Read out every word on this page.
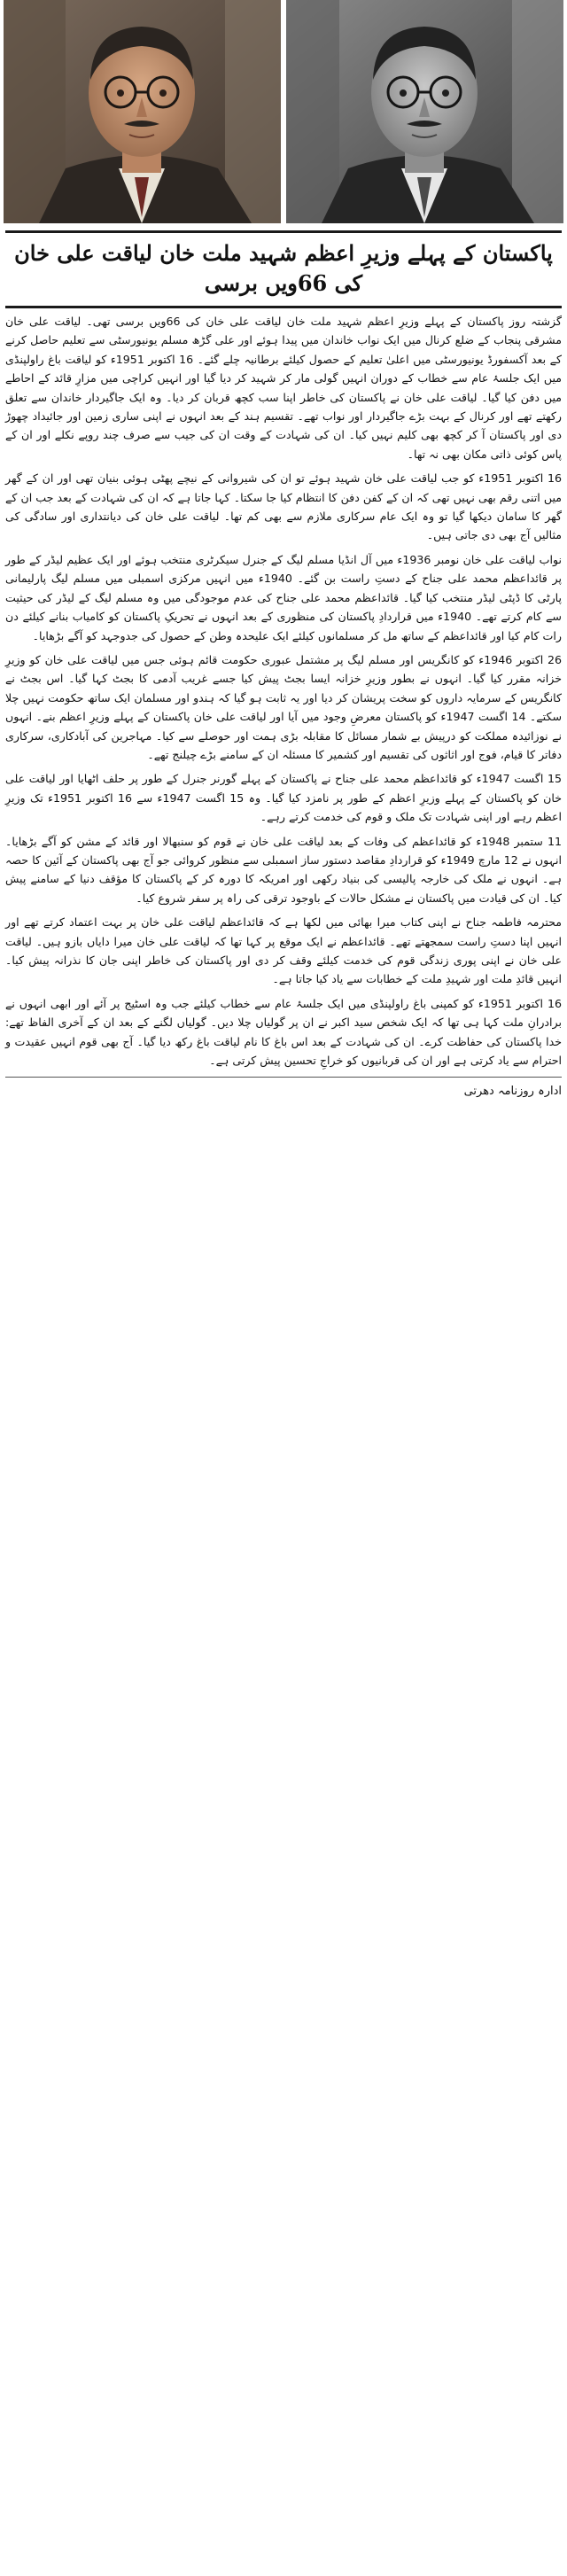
پاکستان کے پہلے وزیرِ اعظم شہید ملت خان لیاقت علی خان کی 66ویں برسی

گزشتہ روز پاکستان کے پہلے وزیرِ اعظم شہید ملت خان لیاقت علی خان کی 66ویں برسی تھی۔ لیاقت علی خان مشرقی پنجاب کے ضلع کرنال میں ایک نواب خاندان میں پیدا ہوئے اور علی گڑھ مسلم یونیورسٹی سے تعلیم حاصل کرنے کے بعد آکسفورڈ یونیورسٹی میں اعلیٰ تعلیم کے حصول کیلئے برطانیہ چلے گئے۔ 16 اکتوبر 1951ء کو لیاقت باغ راولپنڈی میں ایک جلسۂ عام سے خطاب کے دوران انہیں گولی مار کر شہید کر دیا گیا اور انہیں کراچی میں مزارِ قائد کے احاطے میں دفن کیا گیا۔ لیاقت علی خان نے پاکستان کی خاطر اپنا سب کچھ قربان کر دیا۔ وہ ایک جاگیردار خاندان سے تعلق رکھتے تھے اور کرنال کے بہت بڑے جاگیردار اور نواب تھے۔ تقسیم ہند کے بعد انہوں نے اپنی ساری زمین اور جائیداد چھوڑ دی اور پاکستان آ کر کچھ بھی کلیم نہیں کیا۔ ان کی شہادت کے وقت ان کی جیب سے صرف چند روپے نکلے اور ان کے پاس کوئی ذاتی مکان بھی نہ تھا۔

16 اکتوبر 1951ء کو جب لیاقت علی خان شہید ہوئے تو ان کی شیروانی کے نیچے پھٹی ہوئی بنیان تھی اور ان کے گھر میں اتنی رقم بھی نہیں تھی کہ ان کے کفن دفن کا انتظام کیا جا سکتا۔ کہا جاتا ہے کہ ان کی شہادت کے بعد جب ان کے گھر کا سامان دیکھا گیا تو وہ ایک عام سرکاری ملازم سے بھی کم تھا۔ لیاقت علی خان کی دیانتداری اور سادگی کی مثالیں آج بھی دی جاتی ہیں۔

نواب لیاقت علی خان نومبر 1936ء میں آل انڈیا مسلم لیگ کے جنرل سیکرٹری منتخب ہوئے اور ایک عظیم لیڈر کے طور پر قائداعظم محمد علی جناح کے دستِ راست بن گئے۔ 1940ء میں انہیں مرکزی اسمبلی میں مسلم لیگ پارلیمانی پارٹی کا ڈپٹی لیڈر منتخب کیا گیا۔ قائداعظم محمد علی جناح کی عدم موجودگی میں وہ مسلم لیگ کے لیڈر کی حیثیت سے کام کرتے تھے۔ 1940ء میں قراردادِ پاکستان کی منظوری کے بعد انہوں نے تحریکِ پاکستان کو کامیاب بنانے کیلئے دن رات کام کیا اور قائداعظم کے ساتھ مل کر مسلمانوں کیلئے ایک علیحدہ وطن کے حصول کی جدوجہد کو آگے بڑھایا۔

26 اکتوبر 1946ء کو کانگریس اور مسلم لیگ پر مشتمل عبوری حکومت قائم ہوئی جس میں لیاقت علی خان کو وزیرِ خزانہ مقرر کیا گیا۔ انہوں نے بطور وزیرِ خزانہ ایسا بجٹ پیش کیا جسے غریب آدمی کا بجٹ کہا گیا۔ اس بجٹ نے کانگریس کے سرمایہ داروں کو سخت پریشان کر دیا اور یہ ثابت ہو گیا کہ ہندو اور مسلمان ایک ساتھ حکومت نہیں چلا سکتے۔ 14 اگست 1947ء کو پاکستان معرضِ وجود میں آیا اور لیاقت علی خان پاکستان کے پہلے وزیرِ اعظم بنے۔ انہوں نے نوزائیدہ مملکت کو درپیش بے شمار مسائل کا مقابلہ بڑی ہمت اور حوصلے سے کیا۔ مہاجرین کی آبادکاری، سرکاری دفاتر کا قیام، فوج اور اثاثوں کی تقسیم اور کشمیر کا مسئلہ ان کے سامنے بڑے چیلنج تھے۔

15 اگست 1947ء کو قائداعظم محمد علی جناح نے پاکستان کے پہلے گورنر جنرل کے طور پر حلف اٹھایا اور لیاقت علی خان کو پاکستان کے پہلے وزیرِ اعظم کے طور پر نامزد کیا گیا۔ وہ 15 اگست 1947ء سے 16 اکتوبر 1951ء تک وزیرِ اعظم رہے اور اپنی شہادت تک ملک و قوم کی خدمت کرتے رہے۔

11 ستمبر 1948ء کو قائداعظم کی وفات کے بعد لیاقت علی خان نے قوم کو سنبھالا اور قائد کے مشن کو آگے بڑھایا۔ انہوں نے 12 مارچ 1949ء کو قراردادِ مقاصد دستور ساز اسمبلی سے منظور کروائی جو آج بھی پاکستان کے آئین کا حصہ ہے۔ انہوں نے ملک کی خارجہ پالیسی کی بنیاد رکھی اور امریکہ کا دورہ کر کے پاکستان کا مؤقف دنیا کے سامنے پیش کیا۔ ان کی قیادت میں پاکستان نے مشکل حالات کے باوجود ترقی کی راہ پر سفر شروع کیا۔

محترمہ فاطمہ جناح نے اپنی کتاب میرا بھائی میں لکھا ہے کہ قائداعظم لیاقت علی خان پر بہت اعتماد کرتے تھے اور انہیں اپنا دستِ راست سمجھتے تھے۔ قائداعظم نے ایک موقع پر کہا تھا کہ لیاقت علی خان میرا دایاں بازو ہیں۔ لیاقت علی خان نے اپنی پوری زندگی قوم کی خدمت کیلئے وقف کر دی اور پاکستان کی خاطر اپنی جان کا نذرانہ پیش کیا۔ انہیں قائدِ ملت اور شہیدِ ملت کے خطابات سے یاد کیا جاتا ہے۔

16 اکتوبر 1951ء کو کمپنی باغ راولپنڈی میں ایک جلسۂ عام سے خطاب کیلئے جب وہ اسٹیج پر آئے اور ابھی انہوں نے برادرانِ ملت کہا ہی تھا کہ ایک شخص سید اکبر نے ان پر گولیاں چلا دیں۔ گولیاں لگنے کے بعد ان کے آخری الفاظ تھے: خدا پاکستان کی حفاظت کرے۔ ان کی شہادت کے بعد اس باغ کا نام لیاقت باغ رکھ دیا گیا۔ آج بھی قوم انہیں عقیدت و احترام سے یاد کرتی ہے اور ان کی قربانیوں کو خراجِ تحسین پیش کرتی ہے۔

ادارہ روزنامہ دھرتی
